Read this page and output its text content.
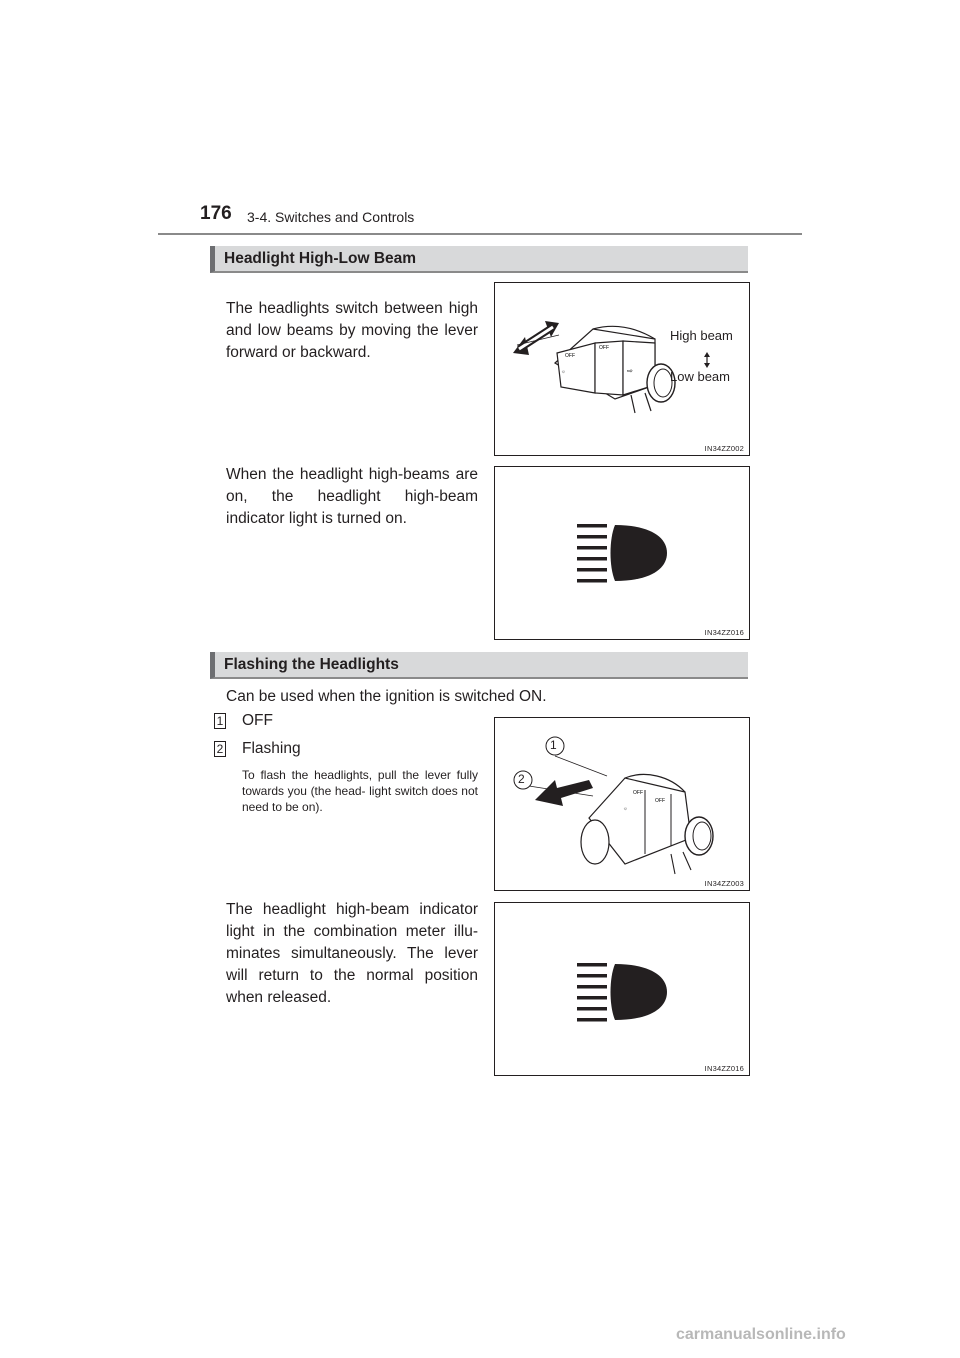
176 3-4. Switches and Controls
Headlight High-Low Beam
The headlights switch between high and low beams by moving the lever forward or backward.	OFF
OFF
☼	⇨
High beam
Low beam
IN34ZZ002
When the headlight high-beams are on, the headlight high-beam indicator light is turned on.
IN34ZZ016
Flashing the Headlights
Can be used when the ignition is switched ON.
1 OFF
2 Flashing
To flash the headlights, pull the lever fully towards you (the head- light switch does not need to be on).
OFF
OFF
☼
1
2
IN34ZZ003
The headlight high-beam indicator light in the combination meter illu- minates simultaneously. The lever will return to the normal position when released.
IN34ZZ016
carmanualsonline.info
